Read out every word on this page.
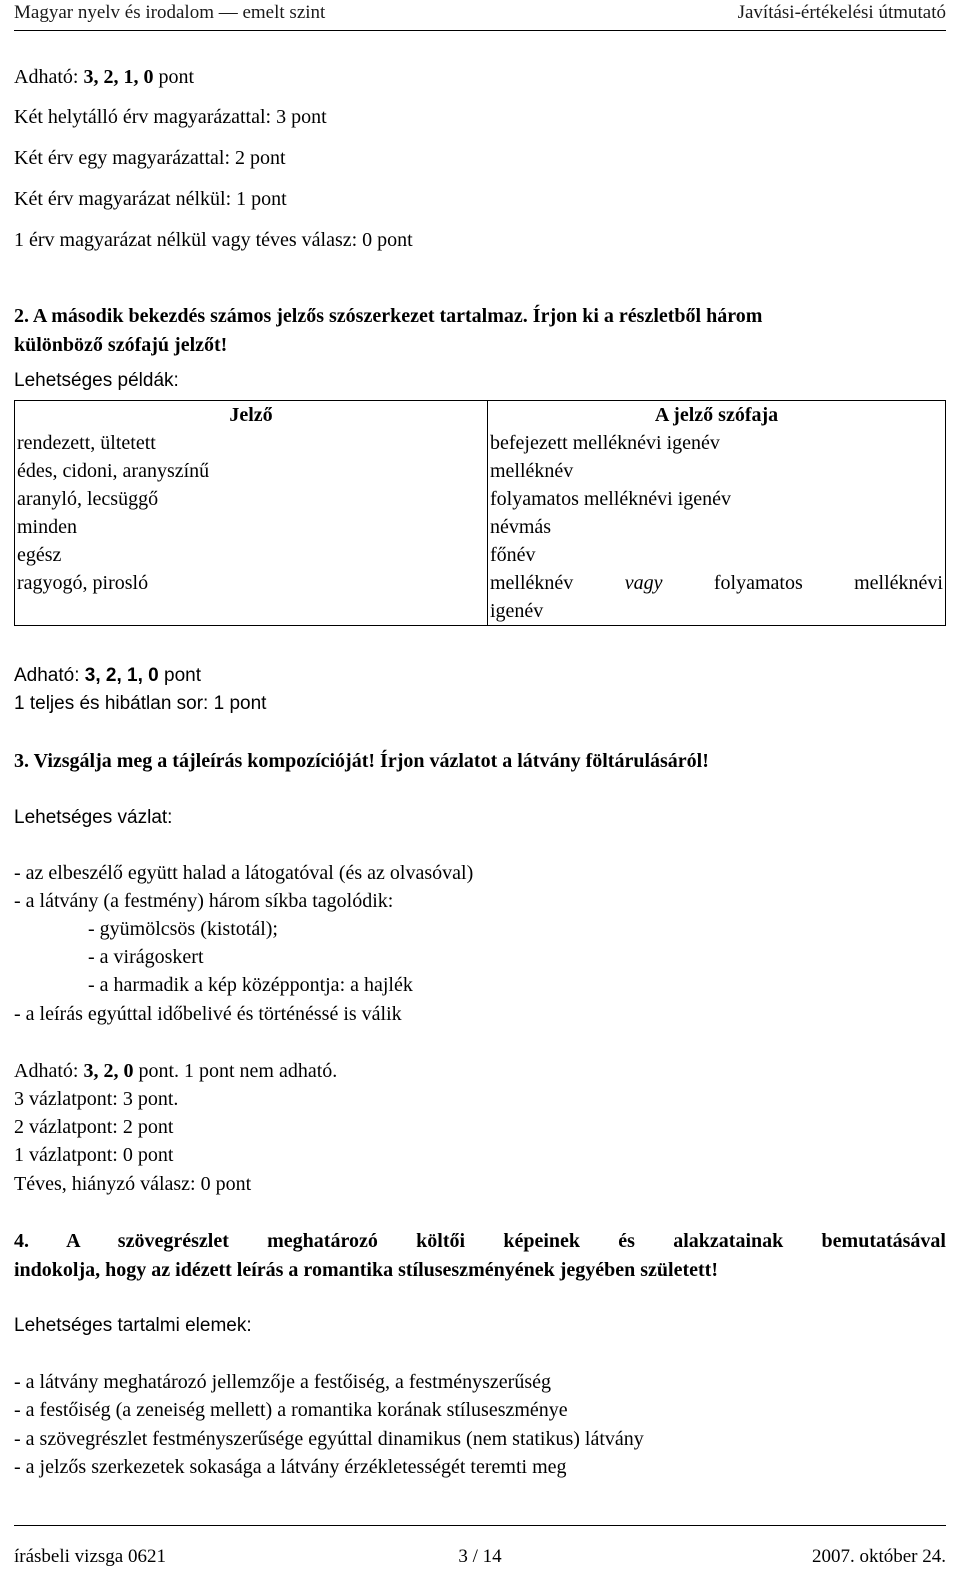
Magyar nyelv és irodalom — emelt szint	Javítási-értékelési útmutató
Adható: 3, 2, 1, 0 pont
Két helytálló érv magyarázattal: 3 pont
Két érv egy magyarázattal: 2 pont
Két érv magyarázat nélkül: 1 pont
1 érv magyarázat nélkül vagy téves válasz: 0 pont
2. A második bekezdés számos jelzős szószerkezet tartalmaz. Írjon ki a részletből három
különböző szófajú jelzőt!
Lehetséges példák:
Jelző	A jelző szófaja
rendezett, ültetett	befejezett melléknévi igenév
édes, cidoni, aranyszínű	melléknév
aranyló, lecsüggő	folyamatos melléknévi igenév
minden	névmás
egész	főnév
ragyogó, pirosló	melléknév vagy folyamatos melléknévi
igenév
Adható: 3, 2, 1, 0 pont
1 teljes és hibátlan sor: 1 pont
3. Vizsgálja meg a tájleírás kompozícióját! Írjon vázlatot a látvány föltárulásáról!
Lehetséges vázlat:
- az elbeszélő együtt halad a látogatóval (és az olvasóval)
- a látvány (a festmény) három síkba tagolódik:
- gyümölcsös (kistotál);
- a virágoskert
- a harmadik a kép középpontja: a hajlék
- a leírás egyúttal időbelivé és történéssé is válik
Adható: 3, 2, 0 pont. 1 pont nem adható.
3 vázlatpont: 3 pont.
2 vázlatpont: 2 pont
1 vázlatpont: 0 pont
Téves, hiányzó válasz: 0 pont
4. A szövegrészlet meghatározó költői képeinek és alakzatainak bemutatásával
indokolja, hogy az idézett leírás a romantika stíluseszményének jegyében született!
Lehetséges tartalmi elemek:
- a látvány meghatározó jellemzője a festőiség, a festményszerűség
- a festőiség (a zeneiség mellett) a romantika korának stíluseszménye
- a szövegrészlet festményszerűsége egyúttal dinamikus (nem statikus) látvány
- a jelzős szerkezetek sokasága a látvány érzékletességét teremti meg
írásbeli vizsga 0621	3 / 14	2007. október 24.
